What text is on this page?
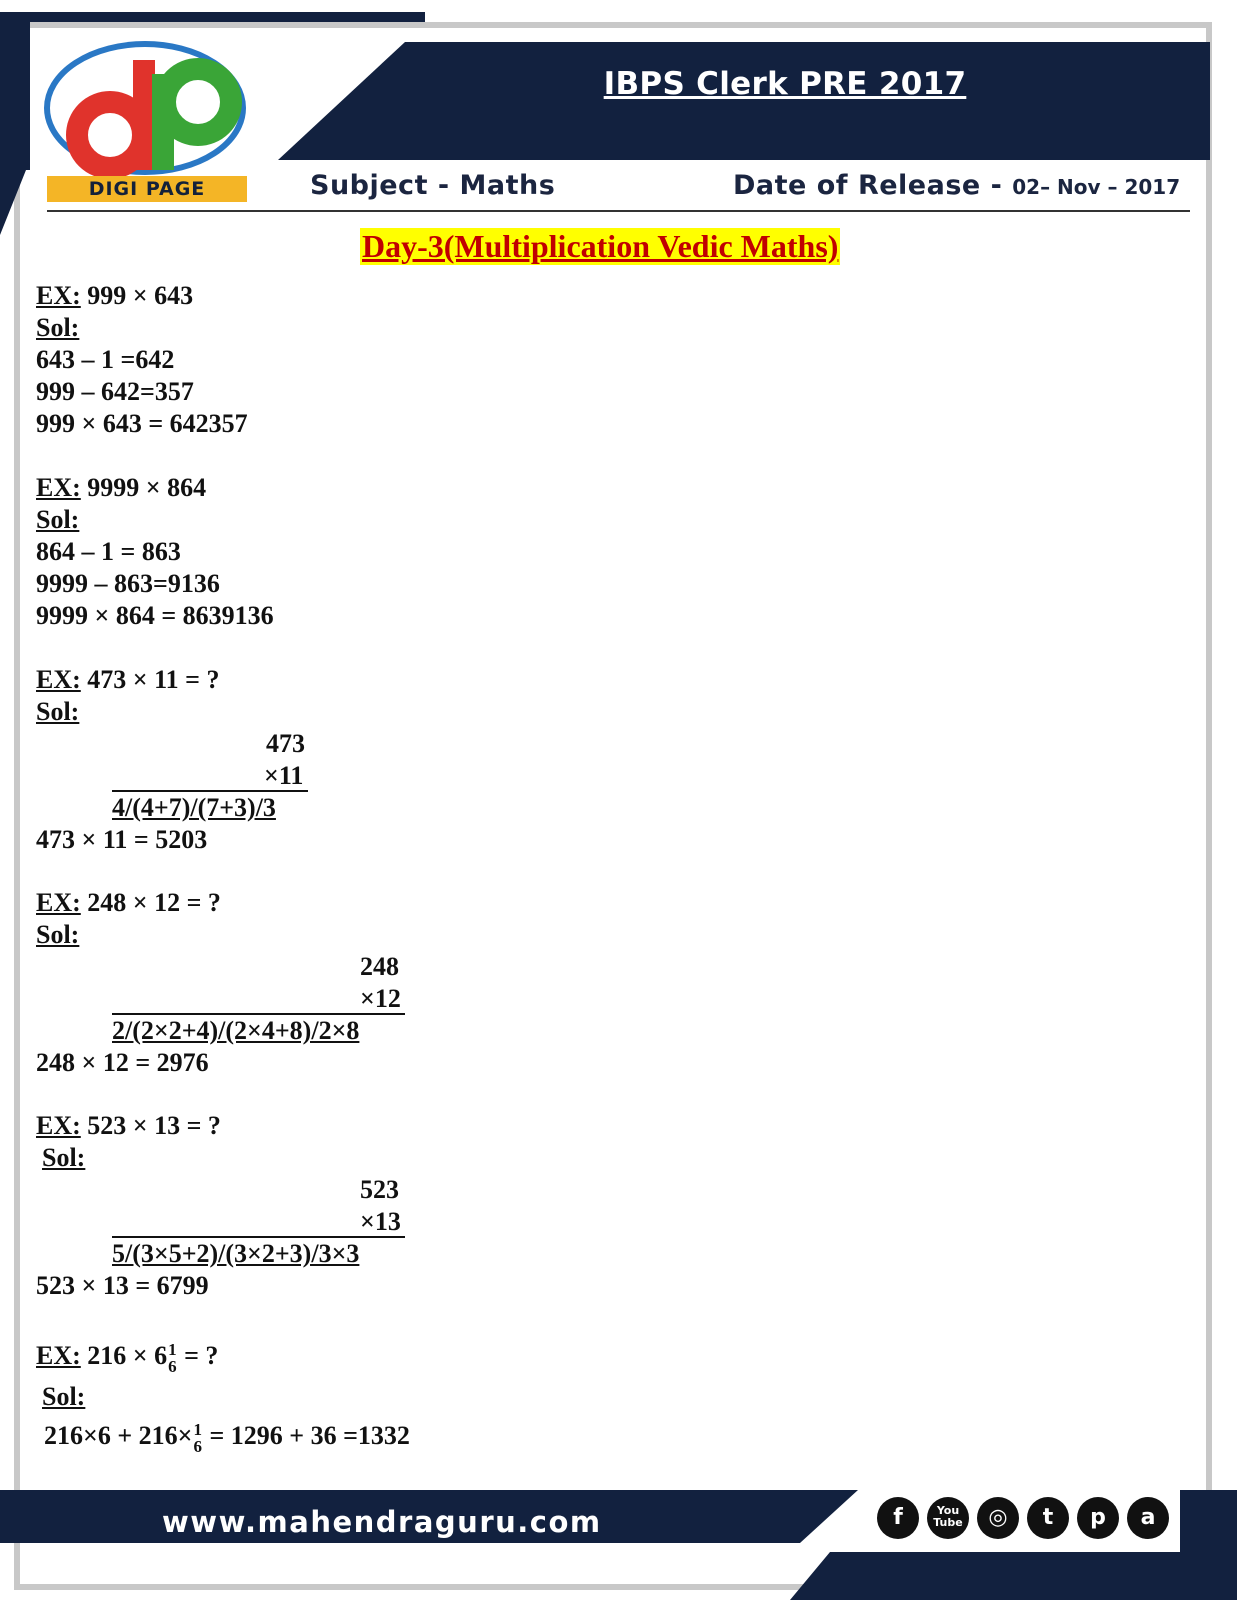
IBPS Clerk PRE 2017
DIGI PAGE	Subject - Maths	Date of Release - 02– Nov – 2017
Day-3(Multiplication Vedic Maths)
EX: 999 × 643
Sol:
643 – 1 =642
999 – 642=357
999 × 643 = 642357
EX: 9999 × 864
Sol:
864 – 1 = 863
9999 – 863=9136
9999 × 864 = 8639136
EX: 473 × 11 = ?
Sol:
473
×11
4/(4+7)/(7+3)/3
473 × 11 = 5203
EX: 248 × 12 = ?
Sol:
248
×12
2/(2×2+4)/(2×4+8)/2×8
248 × 12 = 2976
EX: 523 × 13 = ?
Sol:
523
×13
5/(3×5+2)/(3×2+3)/3×3
523 × 13 = 6799
EX: 216 × 6 1
6 = ?
Sol:
216×6 + 216× 1
6 = 1296 + 36 =1332
www.mahendraguru.com	f	You Tube	◎	t	p	a
